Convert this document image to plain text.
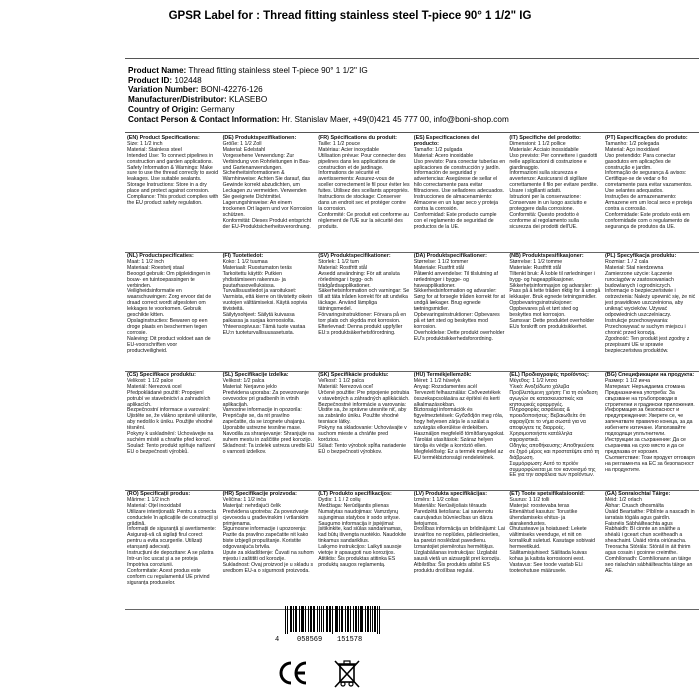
GPSR Label for : Thread fitting stainless steel T-piece 90° 1 1/2" IG
Product Name: Thread fitting stainless steel T-piece 90° 1 1/2" IG
Product ID: 102448
Variation Number: BONI-42276-126
Manufacturer/Distributor: KLASEBO
Country of Origin: Germany
Contact Person & Contact Information: Hr. Stanislav Maer, +49(0)421 45 777 00, info@boni-shop.com
(EN) Product Specifications:
Size: 1 1/2 inch
Material: Stainless steel
Intended Use: To connect pipelines in construction and garden applications.
Safety Information & Warnings: Make sure to use the thread correctly to avoid leakages. Use suitable sealants.
Storage Instructions: Store in a dry place and protect against corrosion.
Compliance: This product complies with the EU product safety regulation.
(DE) Produktspezifikationen:
Größe: 1 1/2 Zoll
Material: Edelstahl
Vorgesehene Verwendung: Zur Verbindung von Rohrleitungen in Bau- und Gartenanwendungen.
Sicherheitsinformationen & Warnhinweise: Achten Sie darauf, das Gewinde korrekt abzudichten, um Leckagen zu vermeiden. Verwenden Sie geeignete Dichtmittel.
Lagerungshinweise: An einem trockenen Ort lagern und vor Korrosion schützen.
Konformität: Dieses Produkt entspricht der EU-Produktsicherheitsverordnung.
(FR) Spécifications du produit:
Taille: 1 1/2 pouce
Matériau: Acier inoxydable
Utilisation prévue: Pour connecter des pipelines dans les applications de construction et de jardinage.
Informations de sécurité et avertissements: Assurez-vous de sceller correctement le fil pour éviter les fuites. Utilisez des scellants appropriés.
Instructions de stockage: Conserver dans un endroit sec et protéger contre la corrosion.
Conformité: Ce produit est conforme au règlement de l'UE sur la sécurité des produits.
(ES) Especificaciones del producto:
Tamaño: 1/2 pulgada
Material: Acero inoxidable
Uso previsto: Para conectar tuberías en aplicaciones de construcción y jardín.
Información de seguridad y advertencias: Asegúrese de sellar el hilo correctamente para evitar filtraciones. Use selladores adecuados.
Instrucciones de almacenamiento: Almacene en un lugar seco y proteja contra la corrosión.
Conformidad: Este producto cumple con el reglamento de seguridad de productos de la UE.
(IT) Specifiche del prodotto:
Dimensioni: 1 1/2 pollice
Materiale: Acciaio inossidabile
Uso previsto: Per connettere i gasdotti nelle applicazioni di costruzione e giardinaggio.
Informazioni sulla sicurezza e avvertenze: Assicurarsi di sigillare correttamente il filo per evitare perdite. Usare i sigillanti adatti.
Istruzioni per la conservazione: Conservare in un luogo asciutto e proteggere dalla corrosione.
Conformità: Questo prodotto è conforme al regolamento sulla sicurezza dei prodotti dell'UE.
(PT) Especificações do produto:
Tamanho: 1/2 polegada
Material: Aço inoxidável
Uso pretendido: Para conectar gasodutos em aplicações de construção e jardim.
Informação de segurança & avisos: Certifique-se de vedar o fio corretamente para evitar vazamentos. Use selantes adequados.
Instruções de armazenamento: Armazene em um local seco e proteja contra a corrosão.
Conformidade: Este produto está em conformidade com o regulamento de segurança de produtos da UE.
(NL) Productspecificaties:
Maat: 1 1/2 inch
Materiaal: Roestvrij staal
Beoogd gebruik: Om pijpleidingen in bouw- en tuintoepassingen te verbinden.
Veiligheidsinformatie en waarschuwingen: Zorg ervoor dat de draad correct wordt afgesloten om lekkages te voorkomen. Gebruik geschikte kitten.
Opslaginstructies: Bewaren op een droge plaats en beschermen tegen corrosie.
Naleving: Dit product voldoet aan de EU-voorschriften voor productveiligheid.
(FI) Tuotetiedot:
Koko: 1 1/2 tuumaa
Materiaali: Ruostumaton teräs
Tarkoitettu käyttö: Putkien yhdistämiseen rakennus- ja puutarhasovelluksissa.
Turvallisuustiedot ja varoitukset: Varmista, että kierre on tiivistetty oikein vuotojen välttämiseksi. Käytä sopivia tiivisteitä.
Säilytysohjeet: Säilytä kuivassa paikassa ja suojaa korroosiolta.
Yhteensopivuus: Tämä tuote vastaa EU:n tuoteturvallisuusasetusta.
(SV) Produktspecifikationer:
Storlek: 1 1/2 tum
Material: Rostfritt stål
Avsedd användning: För att ansluta rörledningar i bygg- och trädgårdsapplikationer.
Säkerhetsinformation och varningar: Se till att täta tråden korrekt för att undvika läckage. Använd lämpliga tätningsmedel.
Förvaringsinstruktioner: Förvara på en torr plats och skydda mot korrosion.
Efterlevnad: Denna produkt uppfyller EU:s produktsäkerhetsförordning.
(DA) Produktspecifikationer:
Størrelse: 1 1/2 tommer
Materiale: Rustfrit stål
Påtænkt anvendelse: Til tilslutning af rørledninger i bygge- og haveapplikationer.
Sikkerhedsinformation og advarsler: Sørg for at forsegle tråden korrekt for at undgå lækager. Brug egnede tætningsmidler.
Opbevaringsinstruktioner: Opbevares på et tørt sted og beskyttes mod korrosion.
Overholdelse: Dette produkt overholder EU's produktsikkerhedsforordning.
(NB) Produktspesifikasjoner:
Størrelse: 1 1/2 tomme
Materiale: Rustfritt stål
Tiltenkt bruk: Å koble til rørledninger i bygg- og hageapplikasjoner.
Sikkerhetsinformasjon og advarsler: Pass på å tette tråden riktig for å unngå lekkasjer. Bruk egnede tetningsmidler.
Oppbevaringsinstruksjoner: Oppbevares på et tørt sted og beskyttes mot korrosjon.
Samsvar: Dette produktet overholder EUs forskrift om produktsikkerhet.
(PL) Specyfikacja produktu:
Rozmiar: 1 / 2 cala
Materiał: Stal nierdzewna
Zamierzone użycie: Łączenie rurociągów w zastosowaniach budowlanych i ogrodniczych.
Informacje o bezpieczeństwie i ostrzeżenia: Należy upewnić się, że nić jest prawidłowo uszczelniona, aby uniknąć wycieków. Używać odpowiednich uszczelniaczy.
Instrukcje przechowywania: Przechowywać w suchym miejscu i chronić przed korozją.
Zgodność: Ten produkt jest zgodny z przepisami UE w sprawie bezpieczeństwa produktów.
(CS) Specifikace produktu:
Velikost: 1 1/2 palce
Materiál: Nerezová ocel
Předpokládané použití: Propojení potrubí ve stavebnictví a zahradních aplikacích.
Bezpečnostní informace a varování: Ujistěte se, že vlákno správně utěsníte, aby nedošlo k úniku. Použijte vhodné těsnění.
Pokyny k uskladnění: Uchovávejte na suchém místě a chraňte před korozí.
Soulad: Tento produkt splňuje nařízení EU o bezpečnosti výrobků.
(SL) Specifikacije izdelka:
Velikost: 1/2 palca
Material: Nerjavno jeklo
Predvidena uporaba: Za povezovanje cevovodov pri gradbenih in vrtnih aplikacijah.
Varnostne informacije in opozorila: Prepričajte se, da nit pravilno zapečatite, da se izognete uhajanju. Uporabite ustrezne tesnilne mase.
Navodila za shranjevanje: Shranjujte na suhem mestu in zaščitite pred korozijo.
Skladnost: Ta izdelek ustreza uredbi EU o varnosti izdelkov.
(SK) Špecifikácie produktu:
Veľkosť: 1 1/2 palca
Materiál: Nerezová oceľ
Určené použitie: Pre pripojenie potrubia v stavebných a záhradných aplikáciách.
Bezpečnostné informácie a varovania: Uistite sa, že správne utesníte niť, aby sa zabránilo úniku. Použite vhodné tesniace látky.
Pokyny na skladovanie: Uchovávajte v suchom mieste a chráňte pred koróziou.
Súlad: Tento výrobok spĺňa nariadenie EÚ o bezpečnosti výrobkov.
(HU) Termékjellemzők:
Méret: 1 1/2 hüvelyk
Anyag: Rozsdamentes acél
Tervezett felhasználás: Csővezetékek összekapcsolására az építési és kerti alkalmazásokban.
Biztonsági információk és figyelmeztetések: Győződjön meg róla, hogy helyesen zárja le a szálat a szivárgás elkerülése érdekében. Használjon megfelelő tömítőanyagokat.
Tárolási utasítások: Száraz helyen tárolja és védje a korrózió ellen.
Megfelelőség: Ez a termék megfelel az EU termékbiztonsági rendeletének.
(EL) Προδιαγραφές προϊόντος:
Μέγεθος: 1 1/2 ίντσα
Υλικό: Ανοξείδωτο χάλυβα
Προβλεπόμενη χρήση: Για τη σύνδεση αγωγών σε κατασκευαστικές και κηπουρικές εφαρμογές.
Πληροφορίες ασφάλειας & προειδοποιήσεις: Βεβαιωθείτε ότι σφραγίζετε το νήμα σωστά για να αποφύγετε τις διαρροές. Χρησιμοποιήστε κατάλληλα σφραγιστικά.
Οδηγίες αποθήκευσης: Αποθηκεύστε σε ξηρό μέρος και προστατέψτε από τη διάβρωση.
Συμμόρφωση: Αυτό το προϊόν συμμορφώνεται με τον κανονισμό της ΕΕ για την ασφάλεια των προϊόντων.
(BG) Спецификации на продукта:
Размер: 1 1/2 инча
Материал: Неръждаема стомана
Предназначена употреба: За свързване на тръбопроводи в строителни и градински приложения.
Информация за безопасност и предупреждения: Уверете се, че запечатвате правилно конеца, за да избегнете изтичане. Използвайте подходящи уплътнители.
Инструкции за съхранение: Да се съхранява на сухо място и да се предпазва от корозия.
Съответствие: Този продукт отговаря на регламента на ЕС за безопасност на продуктите.
(RO) Specificații produs:
Mărime: 1 1/2 inch
Material: Oțel inoxidabil
Utilizare intenționată: Pentru a conecta conductele în aplicațiile de construcții și grădină.
Informații de siguranță și avertismente: Asigurați-vă că sigilați firul corect pentru a evita scurgerile. Utilizați etanșanți adecvați.
Instrucțiuni de depozitare: A se păstra într-un loc uscat și a se proteja împotriva coroziunii.
Conformitate: Acest produs este conform cu regulamentul UE privind siguranța produselor.
(HR) Specifikacije proizvoda:
Veličina: 1 1/2 inča
Materijal: nehrđajući čelik
Predviđena upotreba: Za povezivanje cjevovoda u građevinskim i vrtlarskim primjenama.
Sigurnosne informacije i upozorenja: Pazite da pravilno zapečatite nit kako biste izbjegli propuštanje. Koristite odgovarajuća brtvila.
Upute za skladištenje: Čuvati na suhom mjestu i zaštititi od korozije.
Sukladnost: Ovaj proizvod je u skladu s uredbom EU-a o sigurnosti proizvoda.
(LT) Produkto specifikacijos:
Dydis: 1 1 / 2 colių
Medžiaga: Nerūdijantis plienas
Numatytas naudojimas: Vamzdynų sujungimas statybos ir sodo srityse.
Saugumo informacija ir įspėjimai: Įsitikinkite, kad siūlas sandarinamas, kad būtų išvengta nuotėkio. Naudokite tinkamus sandariklius.
Laikymo instrukcijos: Laikyti sausoje vietoje ir apsaugoti nuo korozijos.
Atitiktis: Šis produktas atitinka ES produktų saugos reglamentą.
(LV) Produkta specifikācijas:
Izmērs: 1 1/2 collas
Materiāls: Nerūsējošais tērauds
Paredzētā lietošana: Lai savienotu cauruļvadus būvniecības un dārza lietojumos.
Drošības informācija un brīdinājumi: Lai izvairītos no noplūdes, pārliecinieties, ka pareizi noslēdzat pavedienu. Izmantojiet piemērotus hermētiķus.
Uzglabāšanas instrukcijas: Uzglabāt sausā vietā un aizsargāt pret koroziju.
Atbilstība: Šis produkts atbilst ES produktu drošības regulai.
(ET) Toote spetsifikatsioonid:
Suurus: 1 1/2 tolli
Materjal: roostevaba teras
Ettenähtud kasutus: Torustike ühendamiseks ehitus- ja aiarakendustes.
Ohutusteave ja hoiatused: Lekete vältimiseks veenduge, et niit on korralikult suletud. Kasutage sobivaid hermeetikuid.
Säilitamisjuhised: Säilitada kuivas kohas ja kaitsta korrosiooni eest.
Vastavus: See toode vastab ELi tooteohutuse määrusele.
(GA) Sonraíochtaí Táirge:
Méid: 1/2 orlach
Ábhar: Cruach dhosmálta
Úsáid Beartaithe: Píblínte a nascadh in iarratais tógála agus gairdín.
Faisnéis Sábháilteachta agus Rabhaidh: Bí cinnte an snáithe a shéalú i gceart chun sceitheadh a sheachaint. Úsáid rónta oiriúnacha.
Treoracha Stórála: Stóráil in áit thirim agus cosain i gcoinne creimthe.
Comhlíonadh: Comhlíonann an táirge seo rialachán sábháilteachta táirge an AE.
4	058569 151578
